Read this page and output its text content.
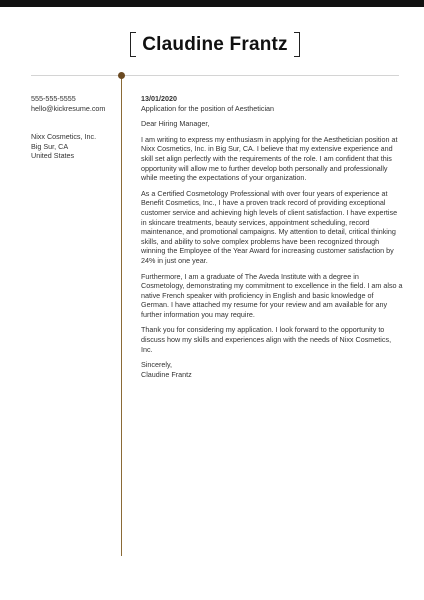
Claudine Frantz
555-555-5555
hello@kickresume.com
Nixx Cosmetics, Inc.
Big Sur, CA
United States
13/01/2020

Application for the position of Aesthetician

Dear Hiring Manager,

I am writing to express my enthusiasm in applying for the Aesthetician position at Nixx Cosmetics, Inc. in Big Sur, CA. I believe that my extensive experience and skill set align perfectly with the requirements of the role. I am confident that this opportunity will allow me to further develop both personally and professionally while meeting the expectations of your organization.

As a Certified Cosmetology Professional with over four years of experience at Benefit Cosmetics, Inc., I have a proven track record of providing exceptional customer service and achieving high levels of client satisfaction. I have expertise in skincare treatments, beauty services, appointment scheduling, record maintenance, and promotional campaigns. My attention to detail, critical thinking skills, and ability to solve complex problems have been recognized through winning the Employee of the Year Award for increasing customer satisfaction by 24% in just one year.

Furthermore, I am a graduate of The Aveda Institute with a degree in Cosmetology, demonstrating my commitment to excellence in the field. I am also a native French speaker with proficiency in English and basic knowledge of German. I have attached my resume for your review and am available for any further information you may require.

Thank you for considering my application. I look forward to the opportunity to discuss how my skills and experiences align with the needs of Nixx Cosmetics, Inc.

Sincerely,
Claudine Frantz
